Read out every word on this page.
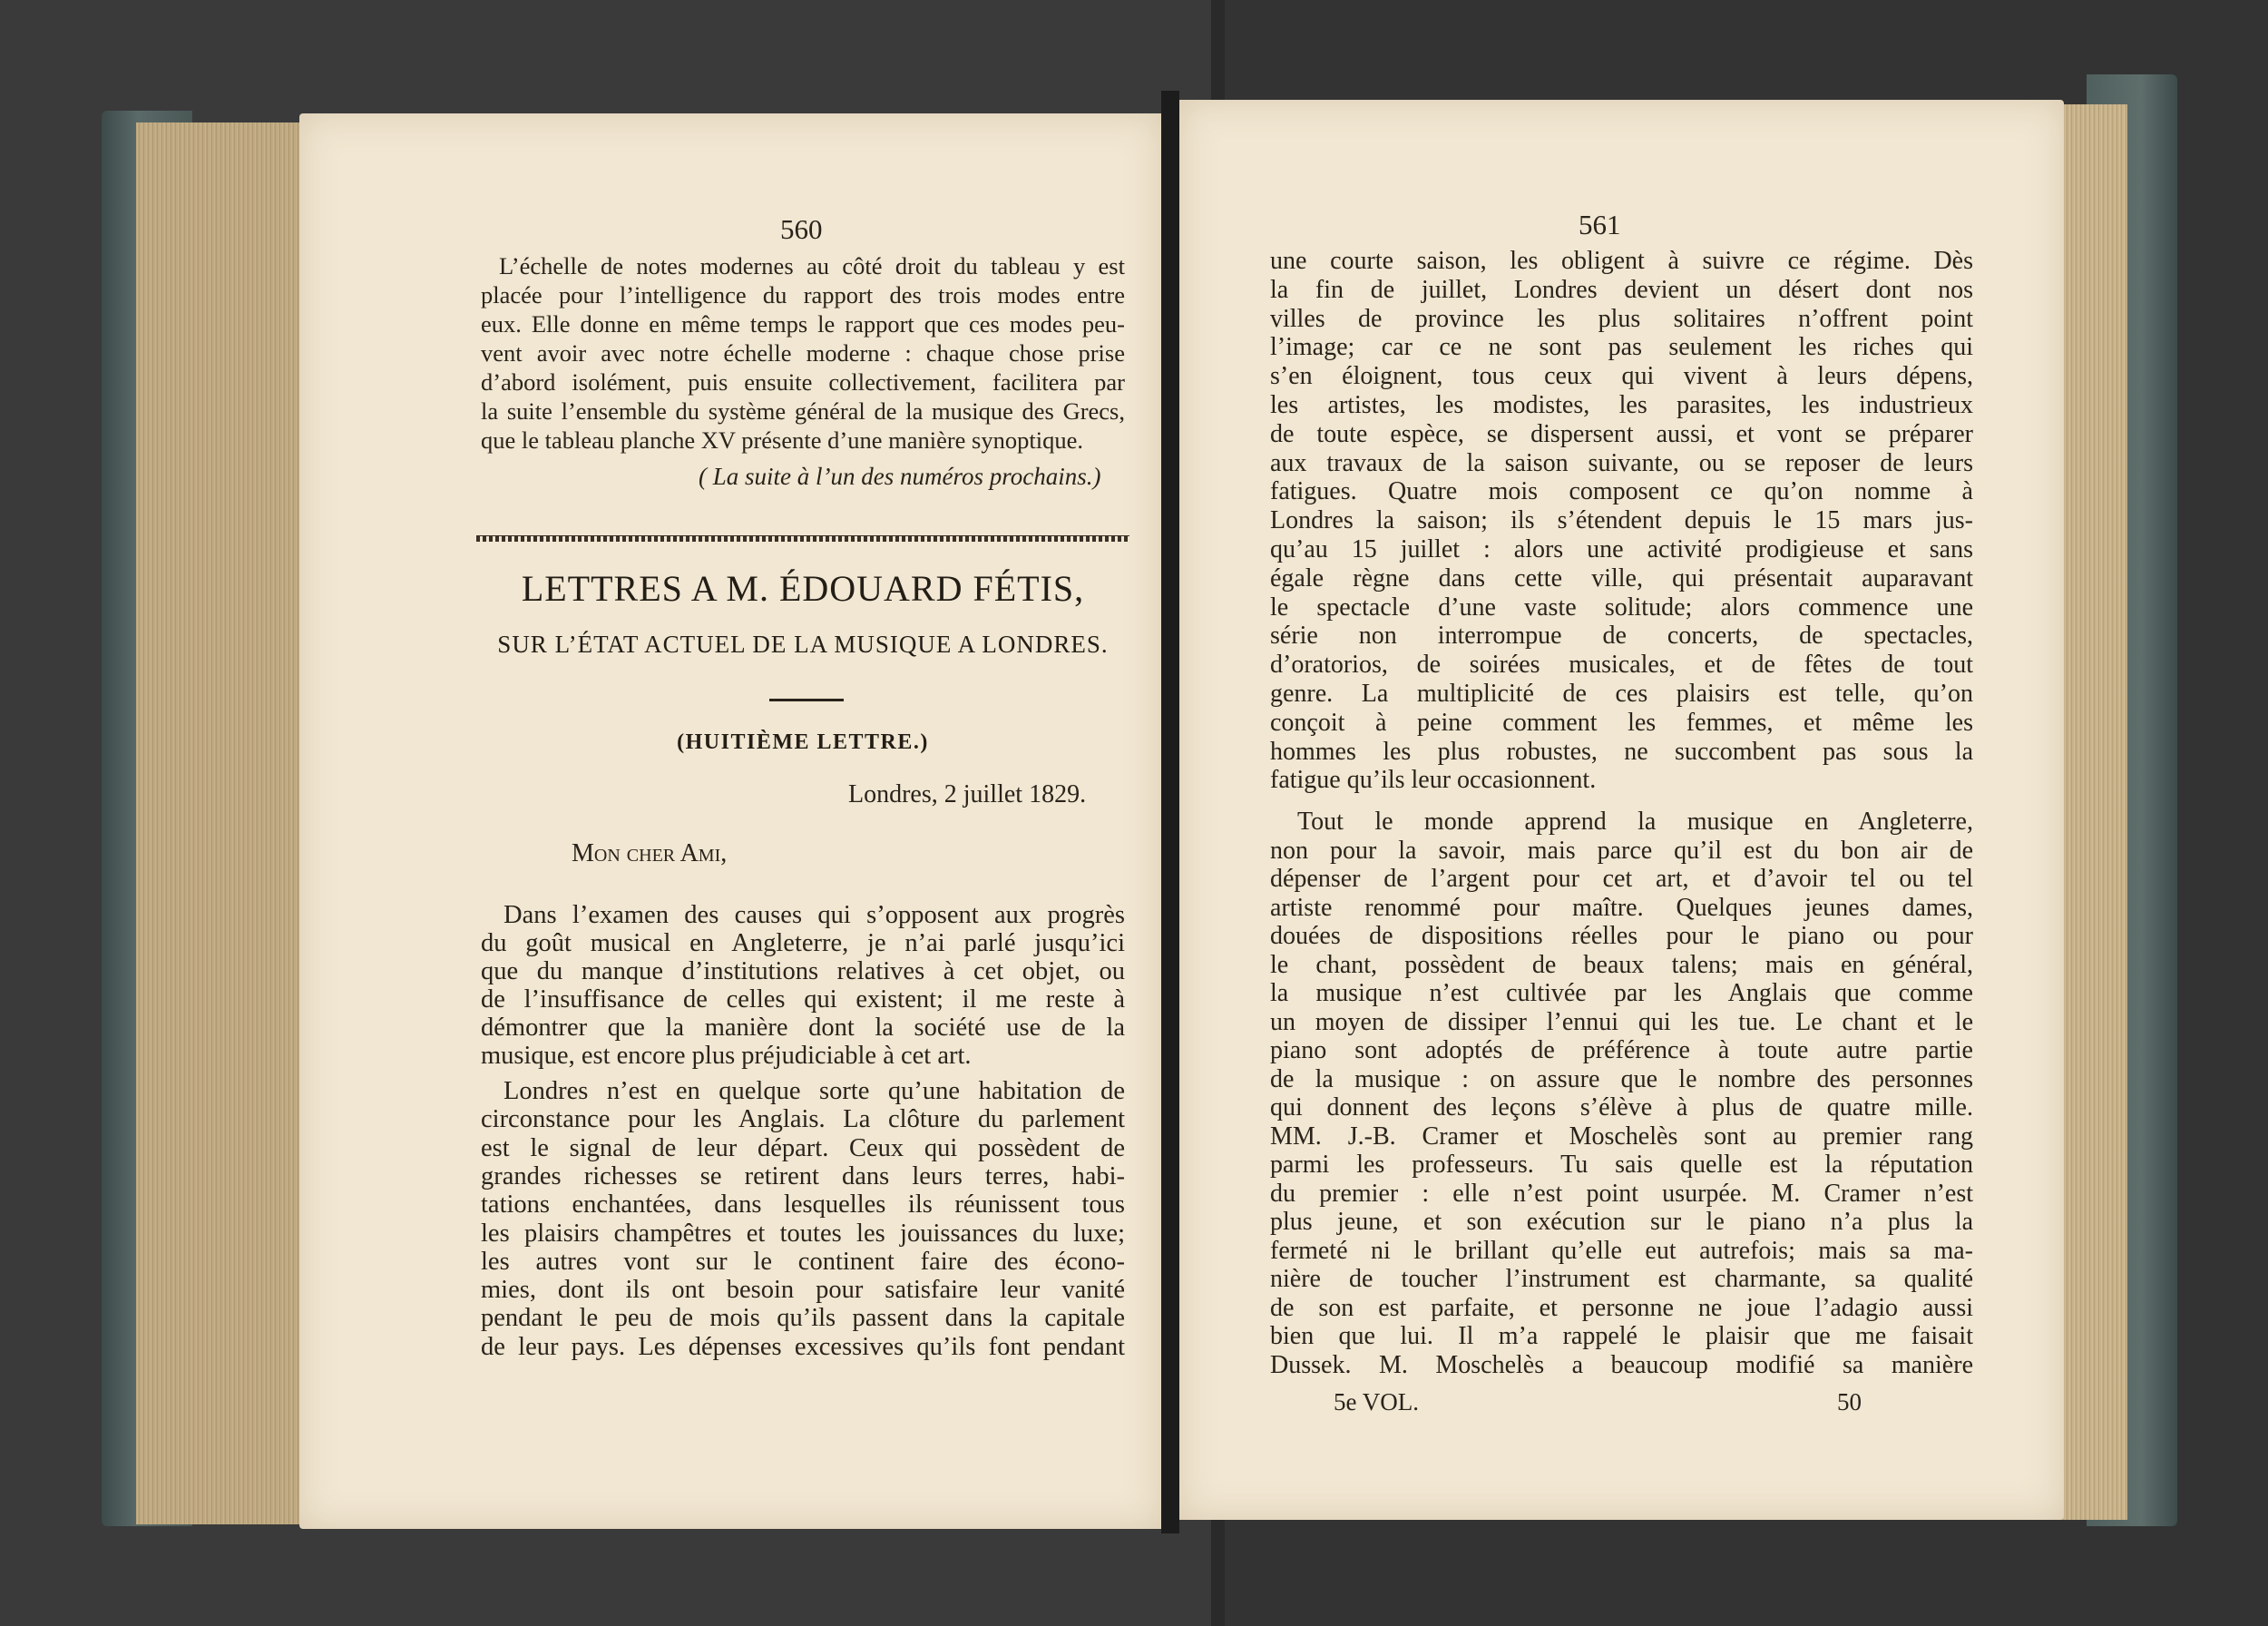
560
L’échelle de notes modernes au côté droit du tableau y est
placée pour l’intelligence du rapport des trois modes entre
eux. Elle donne en même temps le rapport que ces modes peu-
vent avoir avec notre échelle moderne : chaque chose prise
d’abord isolément, puis ensuite collectivement, facilitera par
la suite l’ensemble du système général de la musique des Grecs,
que le tableau planche XV présente d’une manière synoptique.
( La suite à l’un des numéros prochains.)
LETTRES A M. ÉDOUARD FÉTIS,
SUR L’ÉTAT ACTUEL DE LA MUSIQUE A LONDRES.
(HUITIÈME LETTRE.)
Londres, 2 juillet 1829.
Mon cher Ami,
Dans l’examen des causes qui s’opposent aux progrès
du goût musical en Angleterre, je n’ai parlé jusqu’ici
que du manque d’institutions relatives à cet objet, ou
de l’insuffisance de celles qui existent; il me reste à
démontrer que la manière dont la société use de la
musique, est encore plus préjudiciable à cet art.
Londres n’est en quelque sorte qu’une habitation de
circonstance pour les Anglais. La clôture du parlement
est le signal de leur départ. Ceux qui possèdent de
grandes richesses se retirent dans leurs terres, habi-
tations enchantées, dans lesquelles ils réunissent tous
les plaisirs champêtres et toutes les jouissances du luxe;
les autres vont sur le continent faire des écono-
mies, dont ils ont besoin pour satisfaire leur vanité
pendant le peu de mois qu’ils passent dans la capitale
de leur pays. Les dépenses excessives qu’ils font pendant
561
une courte saison, les obligent à suivre ce régime. Dès
la fin de juillet, Londres devient un désert dont nos
villes de province les plus solitaires n’offrent point
l’image; car ce ne sont pas seulement les riches qui
s’en éloignent, tous ceux qui vivent à leurs dépens,
les artistes, les modistes, les parasites, les industrieux
de toute espèce, se dispersent aussi, et vont se préparer
aux travaux de la saison suivante, ou se reposer de leurs
fatigues. Quatre mois composent ce qu’on nomme à
Londres la saison; ils s’étendent depuis le 15 mars jus-
qu’au 15 juillet : alors une activité prodigieuse et sans
égale règne dans cette ville, qui présentait auparavant
le spectacle d’une vaste solitude; alors commence une
série non interrompue de concerts, de spectacles,
d’oratorios, de soirées musicales, et de fêtes de tout
genre. La multiplicité de ces plaisirs est telle, qu’on
conçoit à peine comment les femmes, et même les
hommes les plus robustes, ne succombent pas sous la
fatigue qu’ils leur occasionnent.
Tout le monde apprend la musique en Angleterre,
non pour la savoir, mais parce qu’il est du bon air de
dépenser de l’argent pour cet art, et d’avoir tel ou tel
artiste renommé pour maître. Quelques jeunes dames,
douées de dispositions réelles pour le piano ou pour
le chant, possèdent de beaux talens; mais en général,
la musique n’est cultivée par les Anglais que comme
un moyen de dissiper l’ennui qui les tue. Le chant et le
piano sont adoptés de préférence à toute autre partie
de la musique : on assure que le nombre des personnes
qui donnent des leçons s’élève à plus de quatre mille.
MM. J.-B. Cramer et Moschelès sont au premier rang
parmi les professeurs. Tu sais quelle est la réputation
du premier : elle n’est point usurpée. M. Cramer n’est
plus jeune, et son exécution sur le piano n’a plus la
fermeté ni le brillant qu’elle eut autrefois; mais sa ma-
nière de toucher l’instrument est charmante, sa qualité
de son est parfaite, et personne ne joue l’adagio aussi
bien que lui. Il m’a rappelé le plaisir que me faisait
Dussek. M. Moschelès a beaucoup modifié sa manière
5e VOL.	50
